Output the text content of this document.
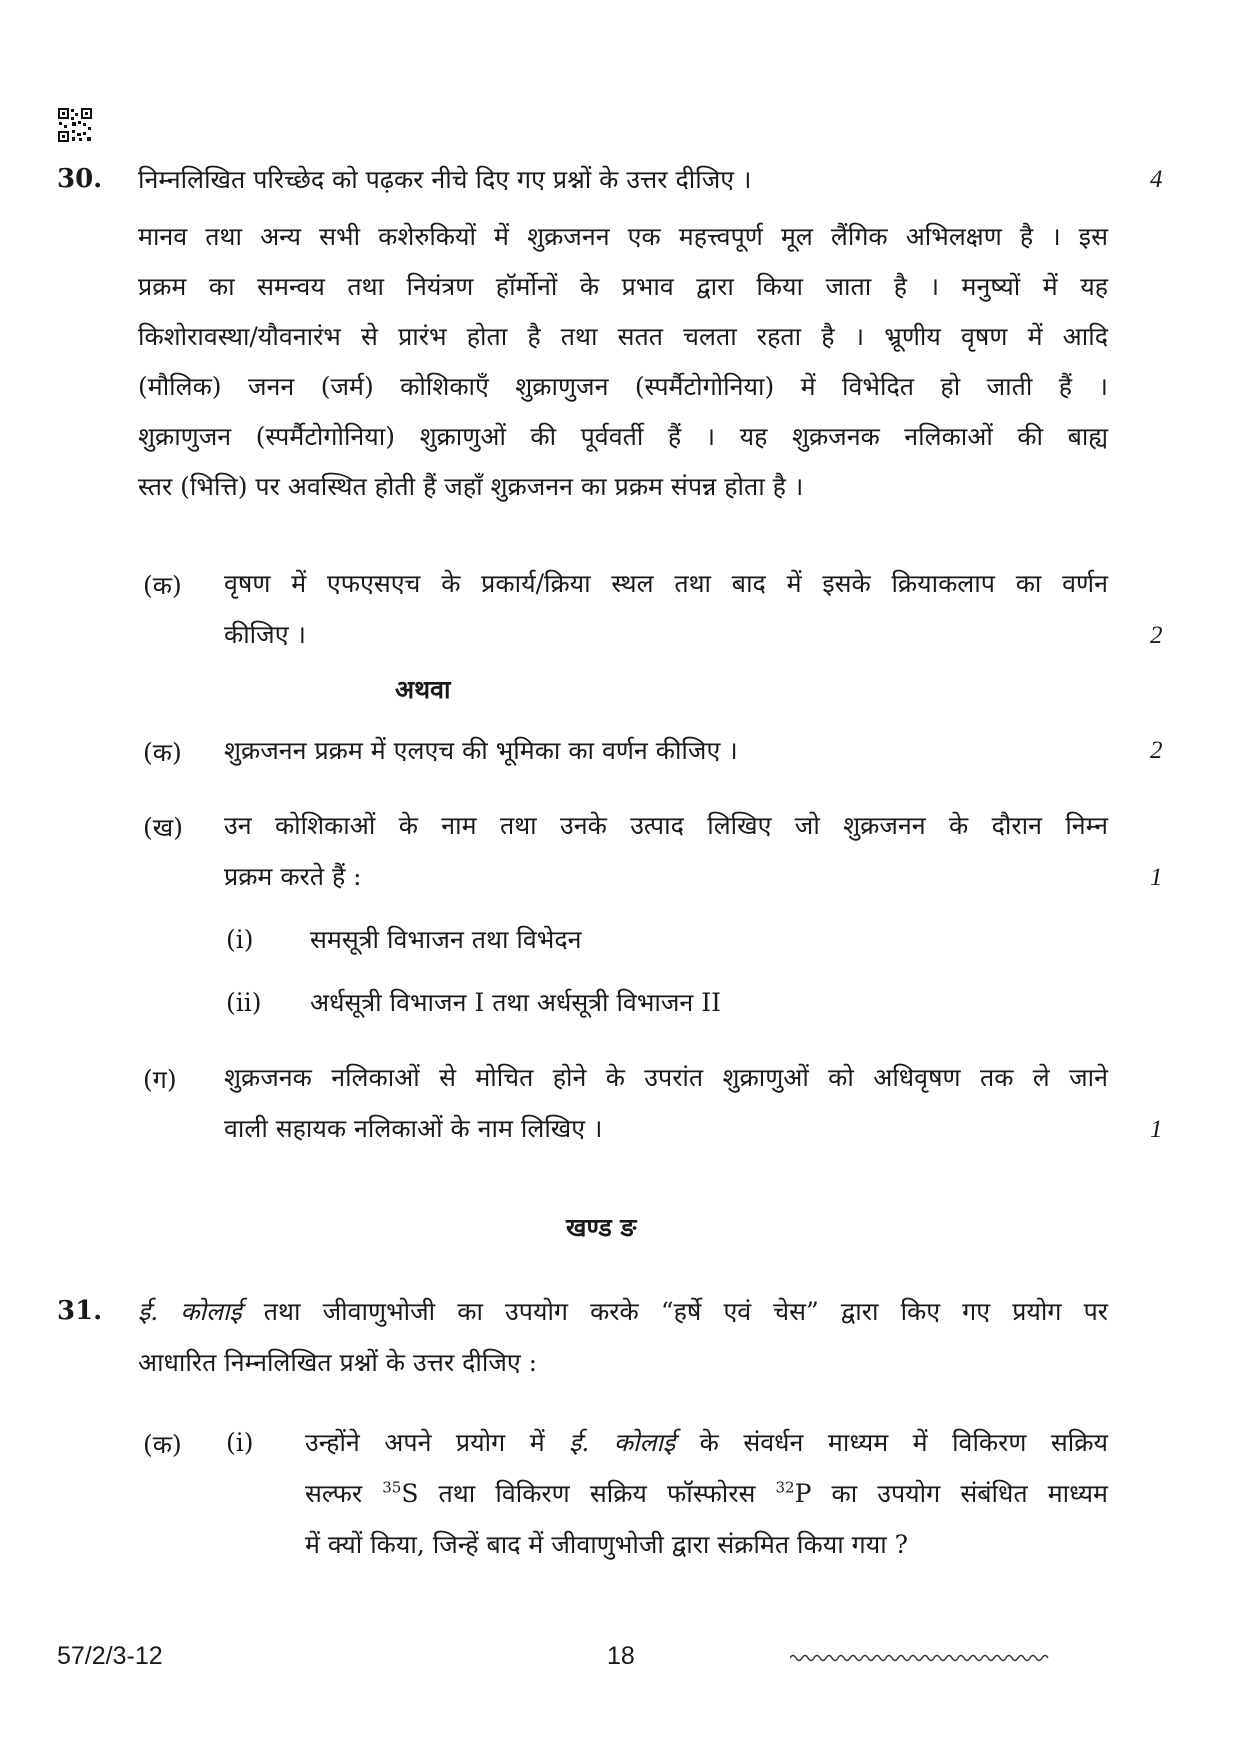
30. निम्नलिखित परिच्छेद को पढ़कर नीचे दिए गए प्रश्नों के उत्तर दीजिए ।	4
मानव तथा अन्य सभी कशेरुकियों में शुक्रजनन एक महत्त्वपूर्ण मूल लैंगिक अभिलक्षण है । इस
प्रक्रम का समन्वय तथा नियंत्रण हॉर्मोनों के प्रभाव द्वारा किया जाता है । मनुष्यों में यह
किशोरावस्था/यौवनारंभ से प्रारंभ होता है तथा सतत चलता रहता है । भ्रूणीय वृषण में आदि
(मौलिक) जनन (जर्म) कोशिकाएँ शुक्राणुजन (स्पर्मैटोगोनिया) में विभेदित हो जाती हैं ।
शुक्राणुजन (स्पर्मैटोगोनिया) शुक्राणुओं की पूर्ववर्ती हैं । यह शुक्रजनक नलिकाओं की बाह्य
स्तर (भित्ति) पर अवस्थित होती हैं जहाँ शुक्रजनन का प्रक्रम संपन्न होता है ।
(क) वृषण में एफएसएच के प्रकार्य/क्रिया स्थल तथा बाद में इसके क्रियाकलाप का वर्णन
कीजिए ।	2
अथवा
(क) शुक्रजनन प्रक्रम में एलएच की भूमिका का वर्णन कीजिए ।	2
(ख) उन कोशिकाओं के नाम तथा उनके उत्पाद लिखिए जो शुक्रजनन के दौरान निम्न
प्रक्रम करते हैं :	1
(i) समसूत्री विभाजन तथा विभेदन
(ii) अर्धसूत्री विभाजन I तथा अर्धसूत्री विभाजन II
(ग) शुक्रजनक नलिकाओं से मोचित होने के उपरांत शुक्राणुओं को अधिवृषण तक ले जाने
वाली सहायक नलिकाओं के नाम लिखिए ।	1
खण्ड ङ
31. ई. कोलाई तथा जीवाणुभोजी का उपयोग करके “हर्षे एवं चेस” द्वारा किए गए प्रयोग पर
आधारित निम्नलिखित प्रश्नों के उत्तर दीजिए :
(क) (i) उन्होंने अपने प्रयोग में ई. कोलाई के संवर्धन माध्यम में विकिरण सक्रिय
सल्फर $^{35}$S तथा विकिरण सक्रिय फॉस्फोरस $^{32}$P का उपयोग संबंधित माध्यम
में क्यों किया, जिन्हें बाद में जीवाणुभोजी द्वारा संक्रमित किया गया ?
57/2/3-12	18
